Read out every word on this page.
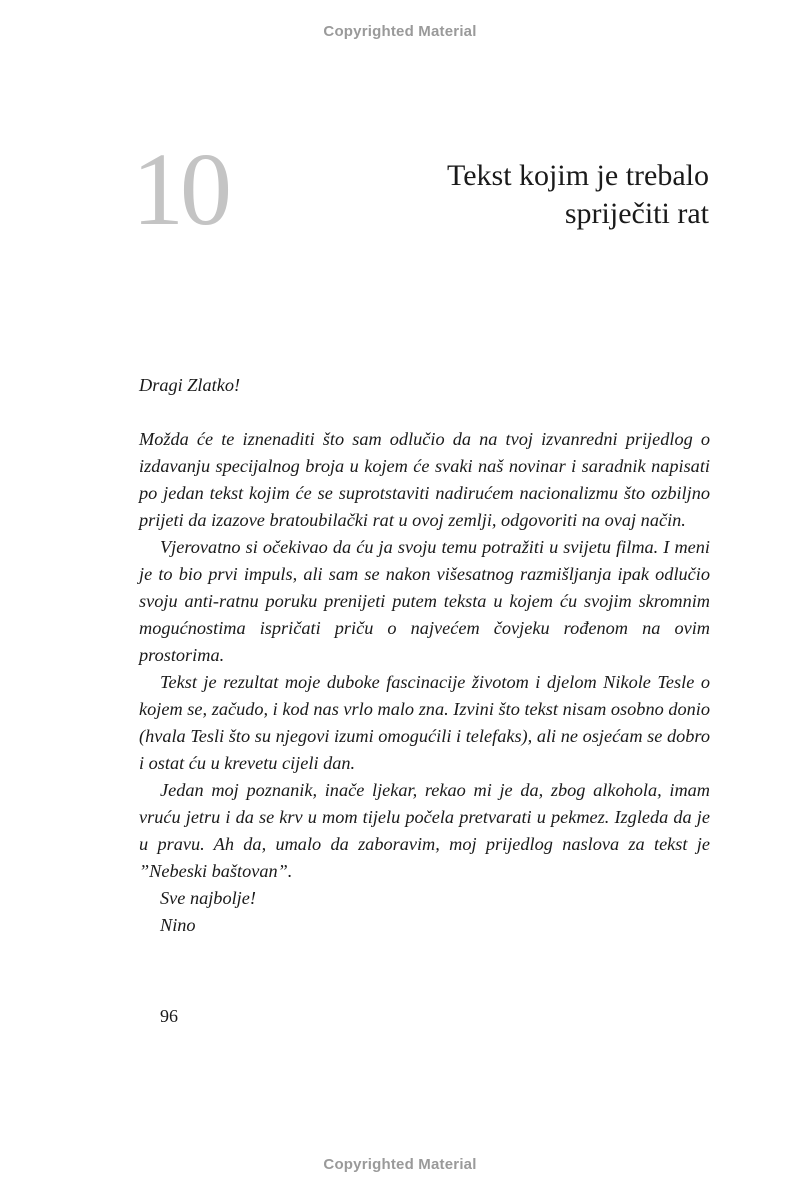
Copyrighted Material
10	Tekst kojim je trebalo
spriječiti rat

Dragi Zlatko!

Možda će te iznenaditi što sam odlučio da na tvoj izvanredni prijedlog o izdavanju specijalnog broja u kojem će svaki naš novinar i saradnik napisati po jedan tekst kojim će se suprotstaviti nadirućem nacionalizmu što ozbiljno prijeti da izazove bratoubilački rat u ovoj zemlji, odgovoriti na ovaj način.

Vjerovatno si očekivao da ću ja svoju temu potražiti u svijetu filma. I meni je to bio prvi impuls, ali sam se nakon višesatnog razmišljanja ipak odlučio svoju anti-ratnu poruku prenijeti putem teksta u kojem ću svojim skromnim mogućnostima ispričati priču o najvećem čovjeku rođenom na ovim prostorima.

Tekst je rezultat moje duboke fascinacije životom i djelom Nikole Tesle o kojem se, začudo, i kod nas vrlo malo zna. Izvini što tekst nisam osobno donio (hvala Tesli što su njegovi izumi omogućili i telefaks), ali ne osjećam se dobro i ostat ću u krevetu cijeli dan.

Jedan moj poznanik, inače ljekar, rekao mi je da, zbog alkohola, imam vruću jetru i da se krv u mom tijelu počela pretvarati u pekmez. Izgleda da je u pravu. Ah da, umalo da zaboravim, moj prijedlog naslova za tekst je ”Nebeski baštovan”.

Sve najbolje!

Nino

96
Copyrighted Material
